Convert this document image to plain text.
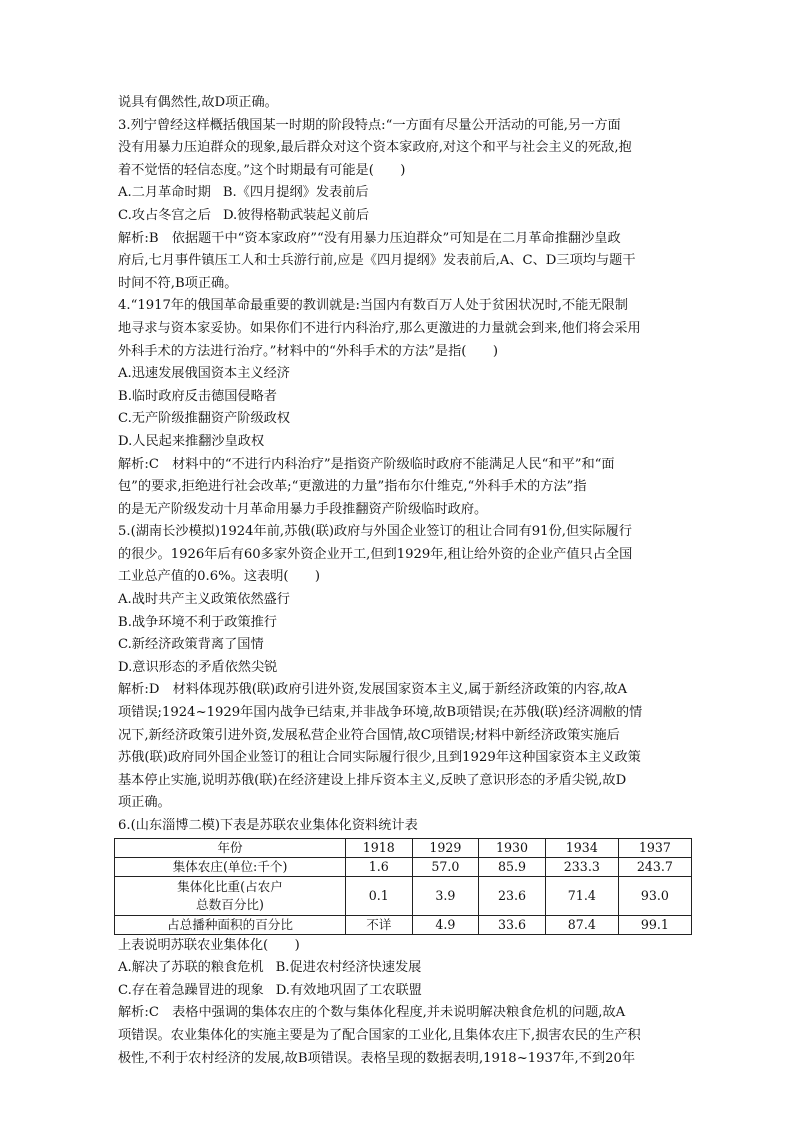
说具有偶然性,故D项正确。

3.列宁曾经这样概括俄国某一时期的阶段特点:“一方面有尽量公开活动的可能,另一方面

没有用暴力压迫群众的现象,最后群众对这个资本家政府,对这个和平与社会主义的死敌,抱

着不觉悟的轻信态度。”这个时期最有可能是(　　)

A.二月革命时期 B.《四月提纲》发表前后

C.攻占冬宫之后 D.彼得格勒武装起义前后

解析:B　依据题干中“资本家政府”“没有用暴力压迫群众”可知是在二月革命推翻沙皇政

府后,七月事件镇压工人和士兵游行前,应是《四月提纲》发表前后,A、C、D三项均与题干

时间不符,B项正确。

4.“1917年的俄国革命最重要的教训就是:当国内有数百万人处于贫困状况时,不能无限制

地寻求与资本家妥协。如果你们不进行内科治疗,那么更激进的力量就会到来,他们将会采用

外科手术的方法进行治疗。”材料中的“外科手术的方法”是指(　　)

A.迅速发展俄国资本主义经济

B.临时政府反击德国侵略者

C.无产阶级推翻资产阶级政权

D.人民起来推翻沙皇政权

解析:C　材料中的“不进行内科治疗”是指资产阶级临时政府不能满足人民“和平”和“面

包”的要求,拒绝进行社会改革;“更激进的力量”指布尔什维克,“外科手术的方法”指

的是无产阶级发动十月革命用暴力手段推翻资产阶级临时政府。

5.(湖南长沙模拟)1924年前,苏俄(联)政府与外国企业签订的租让合同有91份,但实际履行

的很少。1926年后有60多家外资企业开工,但到1929年,租让给外资的企业产值只占全国

工业总产值的0.6%。这表明(　　)

A.战时共产主义政策依然盛行

B.战争环境不利于政策推行

C.新经济政策背离了国情

D.意识形态的矛盾依然尖锐

解析:D　材料体现苏俄(联)政府引进外资,发展国家资本主义,属于新经济政策的内容,故A

项错误;1924~1929年国内战争已结束,并非战争环境,故B项错误;在苏俄(联)经济凋敝的情

况下,新经济政策引进外资,发展私营企业符合国情,故C项错误;材料中新经济政策实施后

苏俄(联)政府同外国企业签订的租让合同实际履行很少,且到1929年这种国家资本主义政策

基本停止实施,说明苏俄(联)在经济建设上排斥资本主义,反映了意识形态的矛盾尖锐,故D

项正确。

6.(山东淄博二模)下表是苏联农业集体化资料统计表

年份	1918	1929	1930	1934	1937
集体农庄(单位:千个)	1.6	57.0	85.9	233.3	243.7

集体化比重(占农户
总数百分比)	0.1	3.9	23.6	71.4	93.0
占总播种面积的百分比	不详	4.9	33.6	87.4	99.1

上表说明苏联农业集体化(　　)

A.解决了苏联的粮食危机 B.促进农村经济快速发展

C.存在着急躁冒进的现象 D.有效地巩固了工农联盟

解析:C　表格中强调的集体农庄的个数与集体化程度,并未说明解决粮食危机的问题,故A

项错误。农业集体化的实施主要是为了配合国家的工业化,且集体农庄下,损害农民的生产积

极性,不利于农村经济的发展,故B项错误。表格呈现的数据表明,1918~1937年,不到20年
